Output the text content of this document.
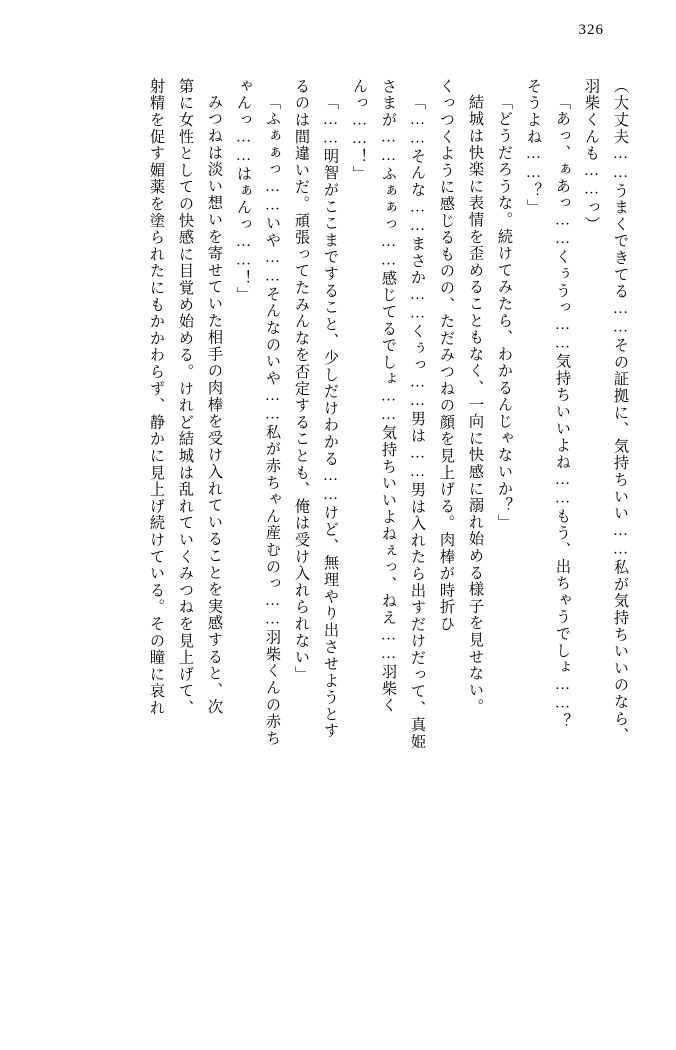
326
（大丈夫……うまくできてる……その証拠に、気持ちいい……私が気持ちいいのなら、
羽柴くんも……っ）
「あっ、ぁあっ……くぅうっ……気持ちいいよね……もう、出ちゃうでしょ……？
そうよね……？」
「どうだろうな。続けてみたら、わかるんじゃないか？」
結城は快楽に表情を歪めることもなく、一向に快感に溺れ始める様子を見せない。
くっつくように感じるものの、ただみつねの顔を見上げる。肉棒が時折ひ
「……そんな……まさか……くぅっ……男は……男は入れたら出すだけだって、真姫
さまが……ふぁぁっ……感じてるでしょ……気持ちいいよねぇっ、ねえ……羽柴く
んっ……！」
「……明智がここまですること、少しだけわかる……けど、無理やり出させようとす
るのは間違いだ。頑張ってたみんなを否定することも、俺は受け入れられない」
「ふぁぁっ……いや……そんなのいや……私が赤ちゃん産むのっ……羽柴くんの赤ち
ゃんっ……はぁんっ……！」
みつねは淡い想いを寄せていた相手の肉棒を受け入れていることを実感すると、次
第に女性としての快感に目覚め始める。けれど結城は乱れていくみつねを見上げて、
射精を促す媚薬を塗られたにもかかわらず、静かに見上げ続けている。その瞳に哀れ
